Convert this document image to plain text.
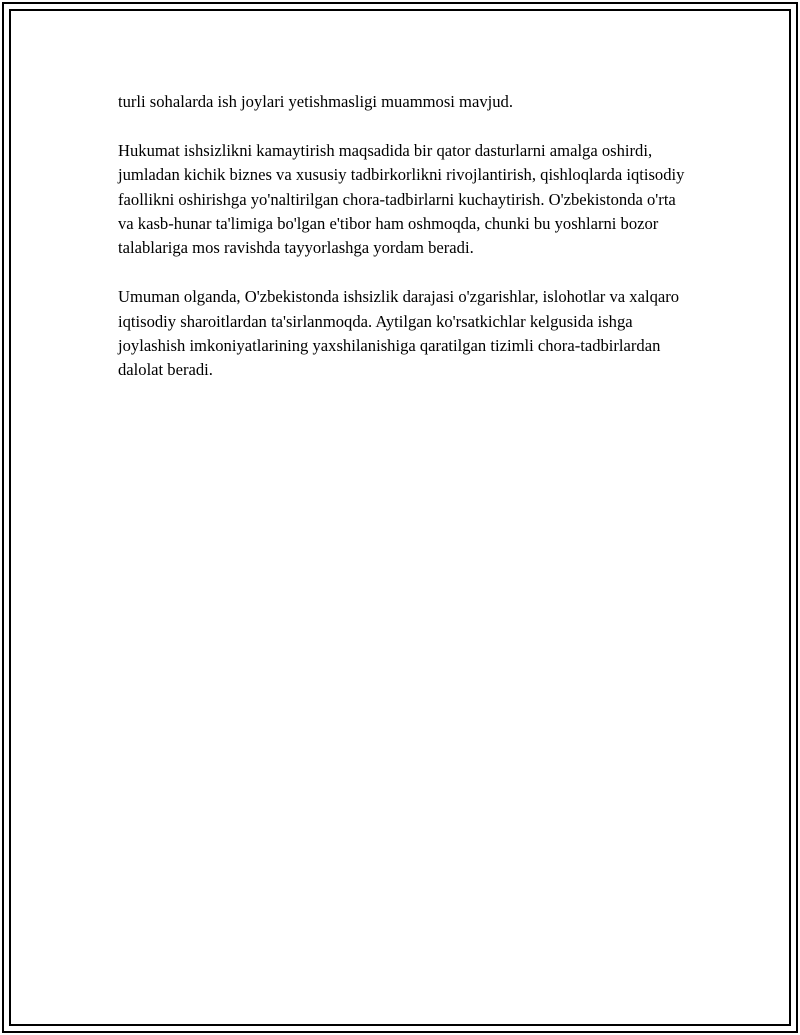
turli sohalarda ish joylari yetishmasligi muammosi mavjud.

Hukumat ishsizlikni kamaytirish maqsadida bir qator dasturlarni amalga oshirdi, jumladan kichik biznes va xususiy tadbirkorlikni rivojlantirish, qishloqlarda iqtisodiy faollikni oshirishga yo'naltirilgan chora-tadbirlarni kuchaytirish. O'zbekistonda o'rta va kasb-hunar ta'limiga bo'lgan e'tibor ham oshmoqda, chunki bu yoshlarni bozor talablariga mos ravishda tayyorlashga yordam beradi.

Umuman olganda, O'zbekistonda ishsizlik darajasi o'zgarishlar, islohotlar va xalqaro iqtisodiy sharoitlardan ta'sirlanmoqda. Aytilgan ko'rsatkichlar kelgusida ishga joylashish imkoniyatlarining yaxshilanishiga qaratilgan tizimli chora-tadbirlardan dalolat beradi.
